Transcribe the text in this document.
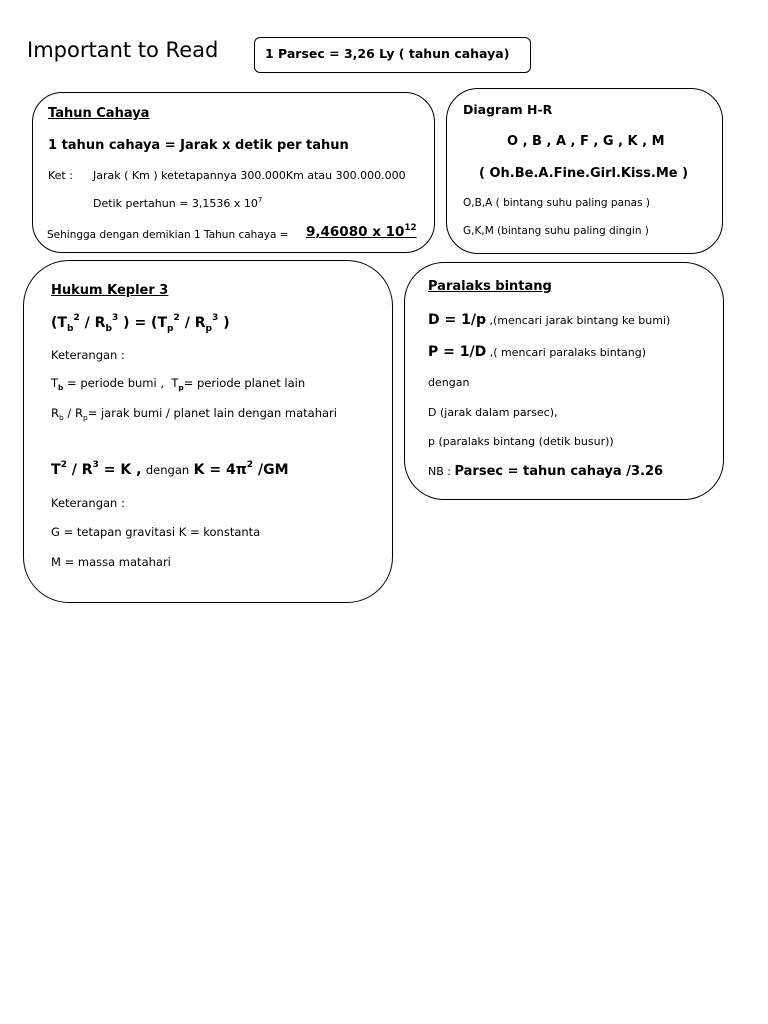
Important to Read	1 Parsec = 3,26 Ly ( tahun cahaya)
Tahun Cahaya
1 tahun cahaya = Jarak x detik per tahun
Ket : Jarak ( Km ) ketetapannya 300.000Km atau 300.000.000
Detik pertahun = 3,1536 x $10^7$
Sehingga dengan demikian 1 Tahun cahaya = 9,46080 x $10^{12}$
Diagram H-R
O , B , A , F , G , K , M
( Oh.Be.A.Fine.Girl.Kiss.Me )
O,B,A ( bintang suhu paling panas )
G,K,M (bintang suhu paling dingin )
Hukum Kepler 3
($T_b^2 / R_b^3$ ) = ($T_p^2 / R_p^3$ )
Keterangan :
$T_b$ = periode bumi , $T_p=$ periode planet lain
$R_b / R_p=$ jarak bumi / planet lain dengan matahari
$T^2 / R^3 = K$ , dengan $K = 4\pi^2$ /GM
Keterangan :
G = tetapan gravitasi K = konstanta
M = massa matahari
Paralaks bintang
D = 1/p ,(mencari jarak bintang ke bumi)
P = 1/D ,( mencari paralaks bintang)
dengan
D (jarak dalam parsec),
p (paralaks bintang (detik busur))
NB : Parsec = tahun cahaya /3.26
